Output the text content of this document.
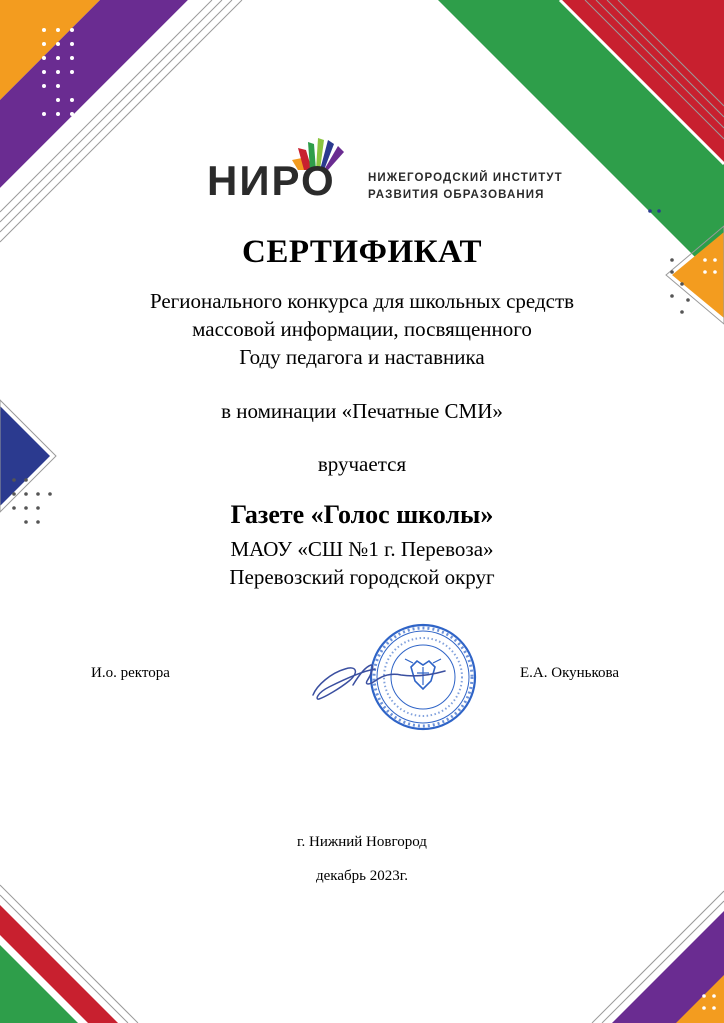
НИРО	НИЖЕГОРОДСКИЙ ИНСТИТУТ
РАЗВИТИЯ ОБРАЗОВАНИЯ
СЕРТИФИКАТ
Регионального конкурса для школьных средств
массовой информации, посвященного
Году педагога и наставника
в номинации «Печатные СМИ»
вручается
Газете «Голос школы»
МАОУ «СШ №1 г. Перевоза»
Перевозский городской округ
И.о. ректора	Е.А. Окунькова
г. Нижний Новгород
декабрь 2023г.
